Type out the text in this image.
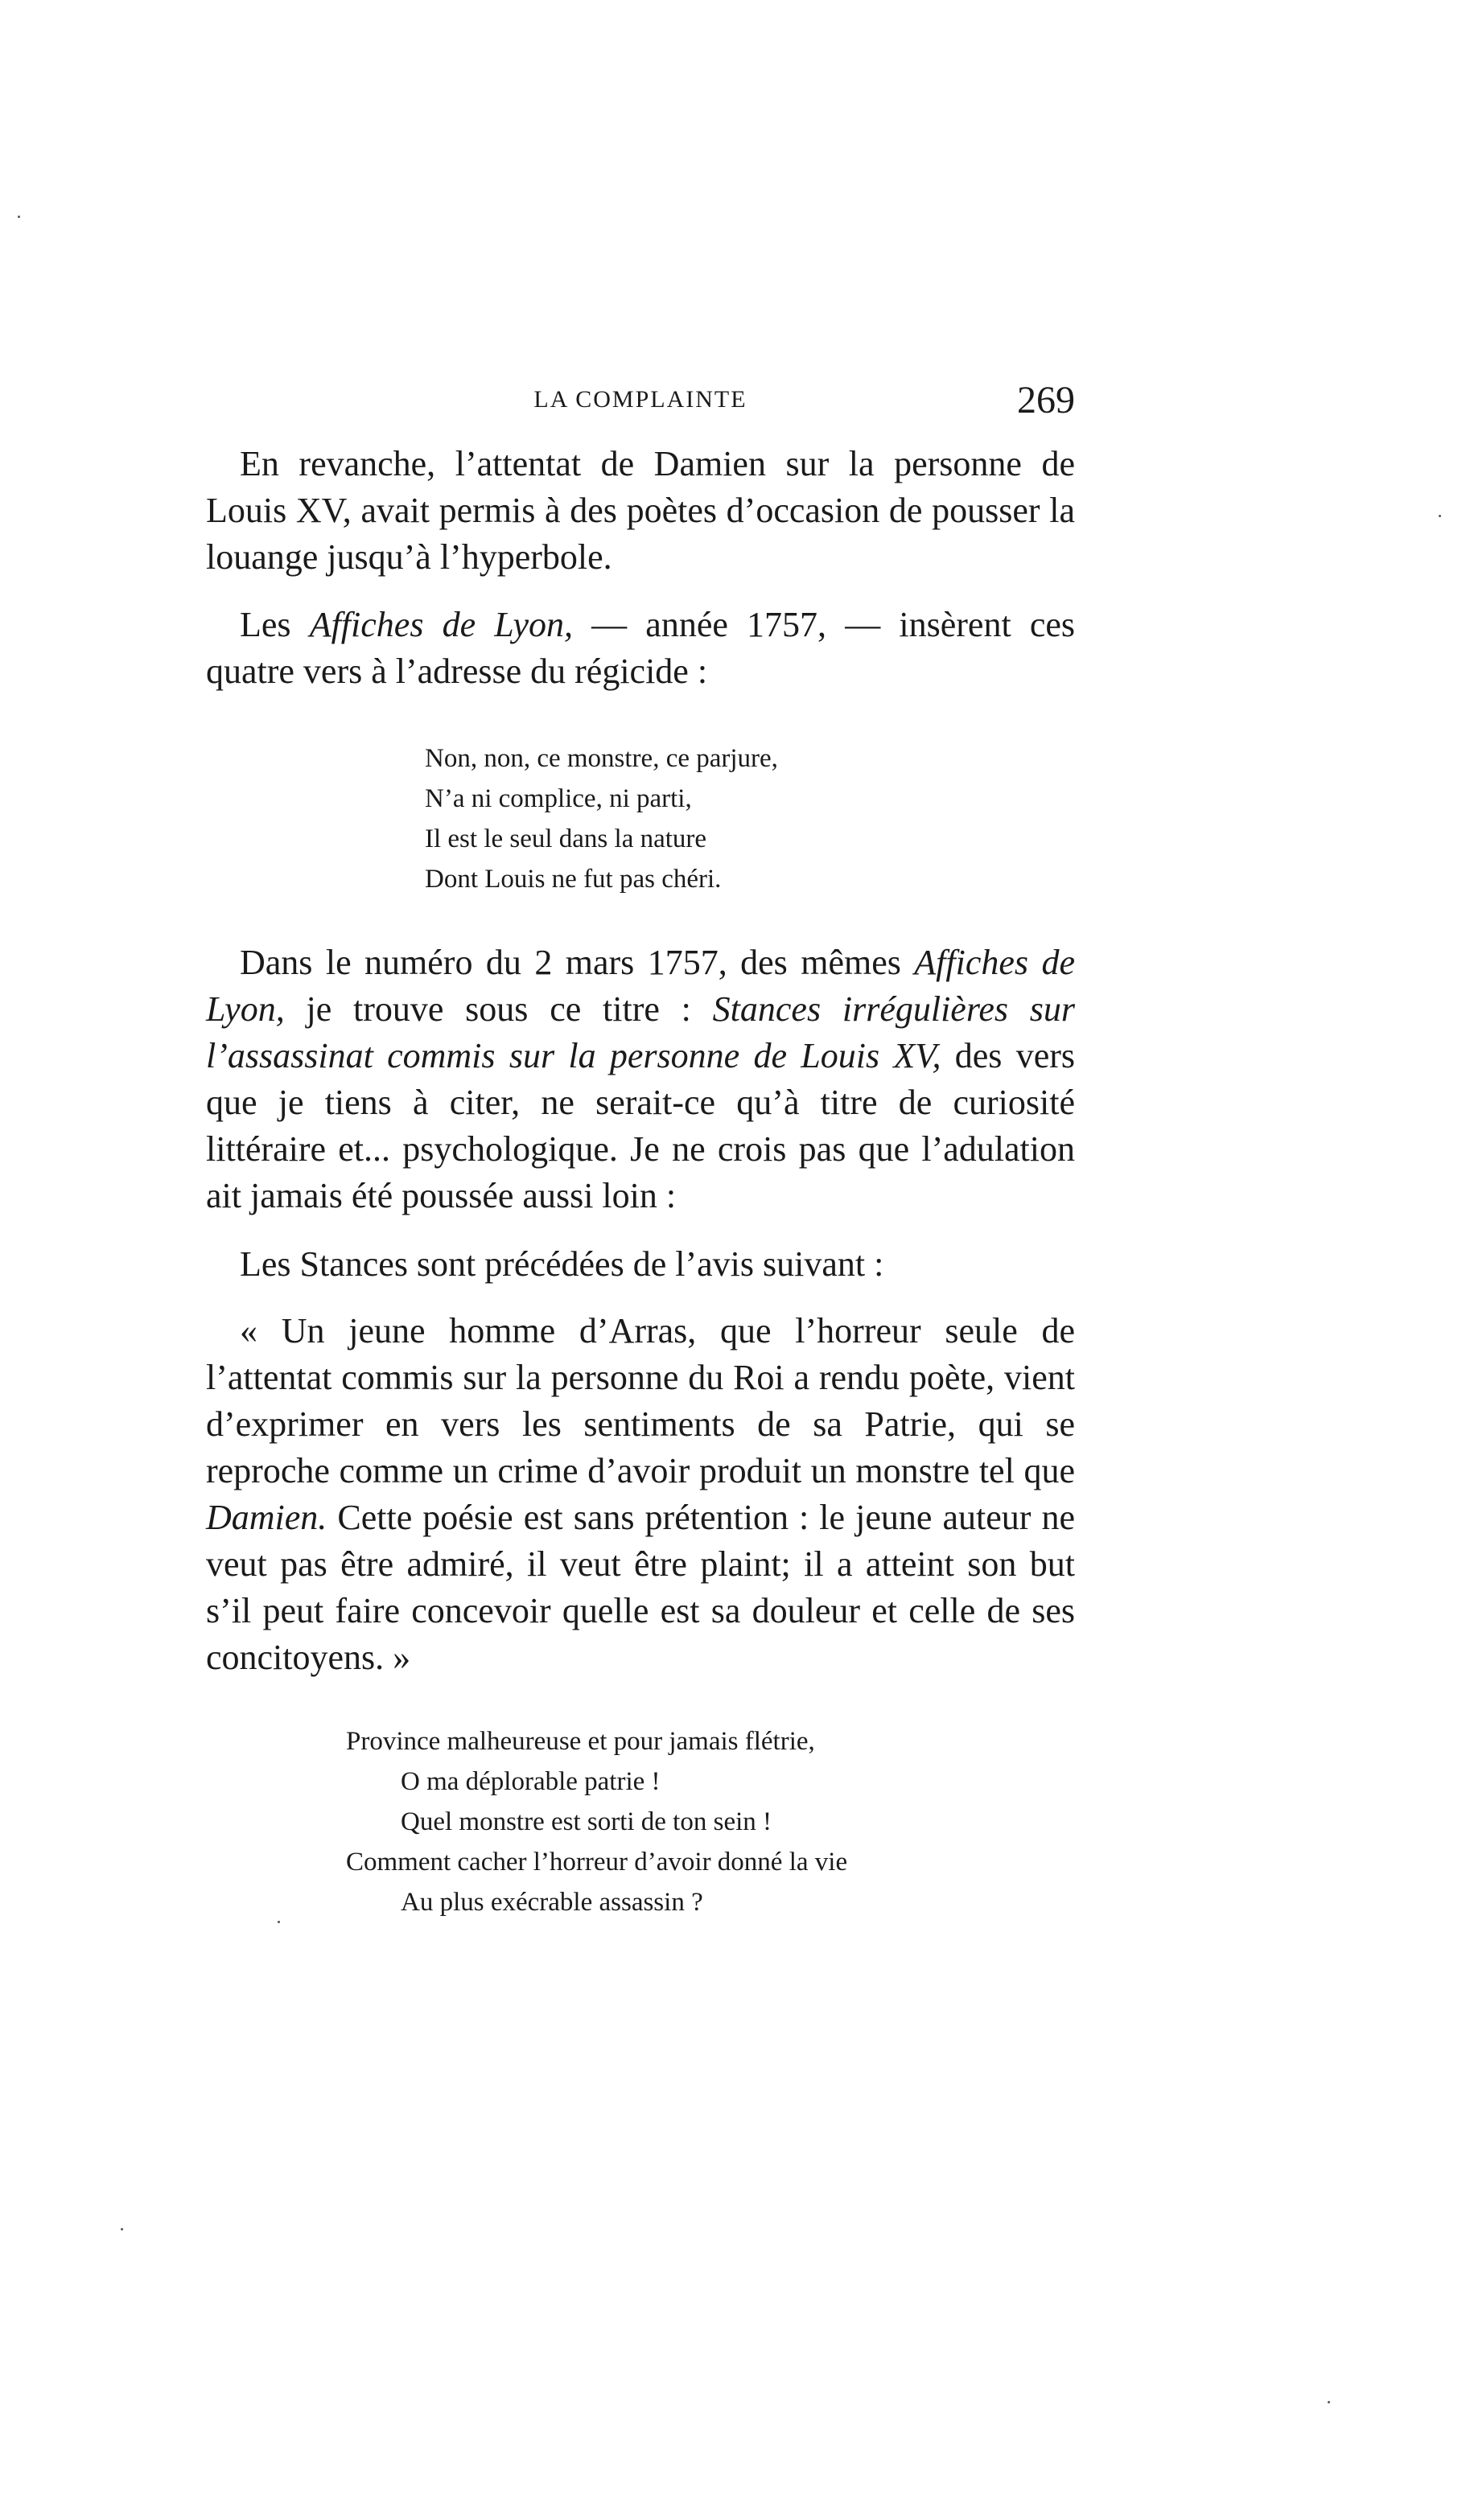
LA COMPLAINTE	269

En revanche, l’attentat de Damien sur la personne de Louis XV, avait permis à des poètes d’occasion de pousser la louange jusqu’à l’hyperbole.

Les Affiches de Lyon, — année 1757, — insèrent ces quatre vers à l’adresse du régicide :

Non, non, ce monstre, ce parjure,
N’a ni complice, ni parti,
Il est le seul dans la nature
Dont Louis ne fut pas chéri.

Dans le numéro du 2 mars 1757, des mêmes Affiches de Lyon, je trouve sous ce titre : Stances irrégulières sur l’assassinat commis sur la personne de Louis XV, des vers que je tiens à citer, ne serait-ce qu’à titre de curiosité littéraire et... psychologique. Je ne crois pas que l’adulation ait jamais été poussée aussi loin :

Les Stances sont précédées de l’avis suivant :

« Un jeune homme d’Arras, que l’horreur seule de l’attentat commis sur la personne du Roi a rendu poète, vient d’exprimer en vers les sentiments de sa Patrie, qui se reproche comme un crime d’avoir produit un monstre tel que Damien. Cette poésie est sans prétention : le jeune auteur ne veut pas être admiré, il veut être plaint; il a atteint son but s’il peut faire concevoir quelle est sa douleur et celle de ses concitoyens. »

Province malheureuse et pour jamais flétrie,
O ma déplorable patrie !
Quel monstre est sorti de ton sein !
Comment cacher l’horreur d’avoir donné la vie
Au plus exécrable assassin ?
